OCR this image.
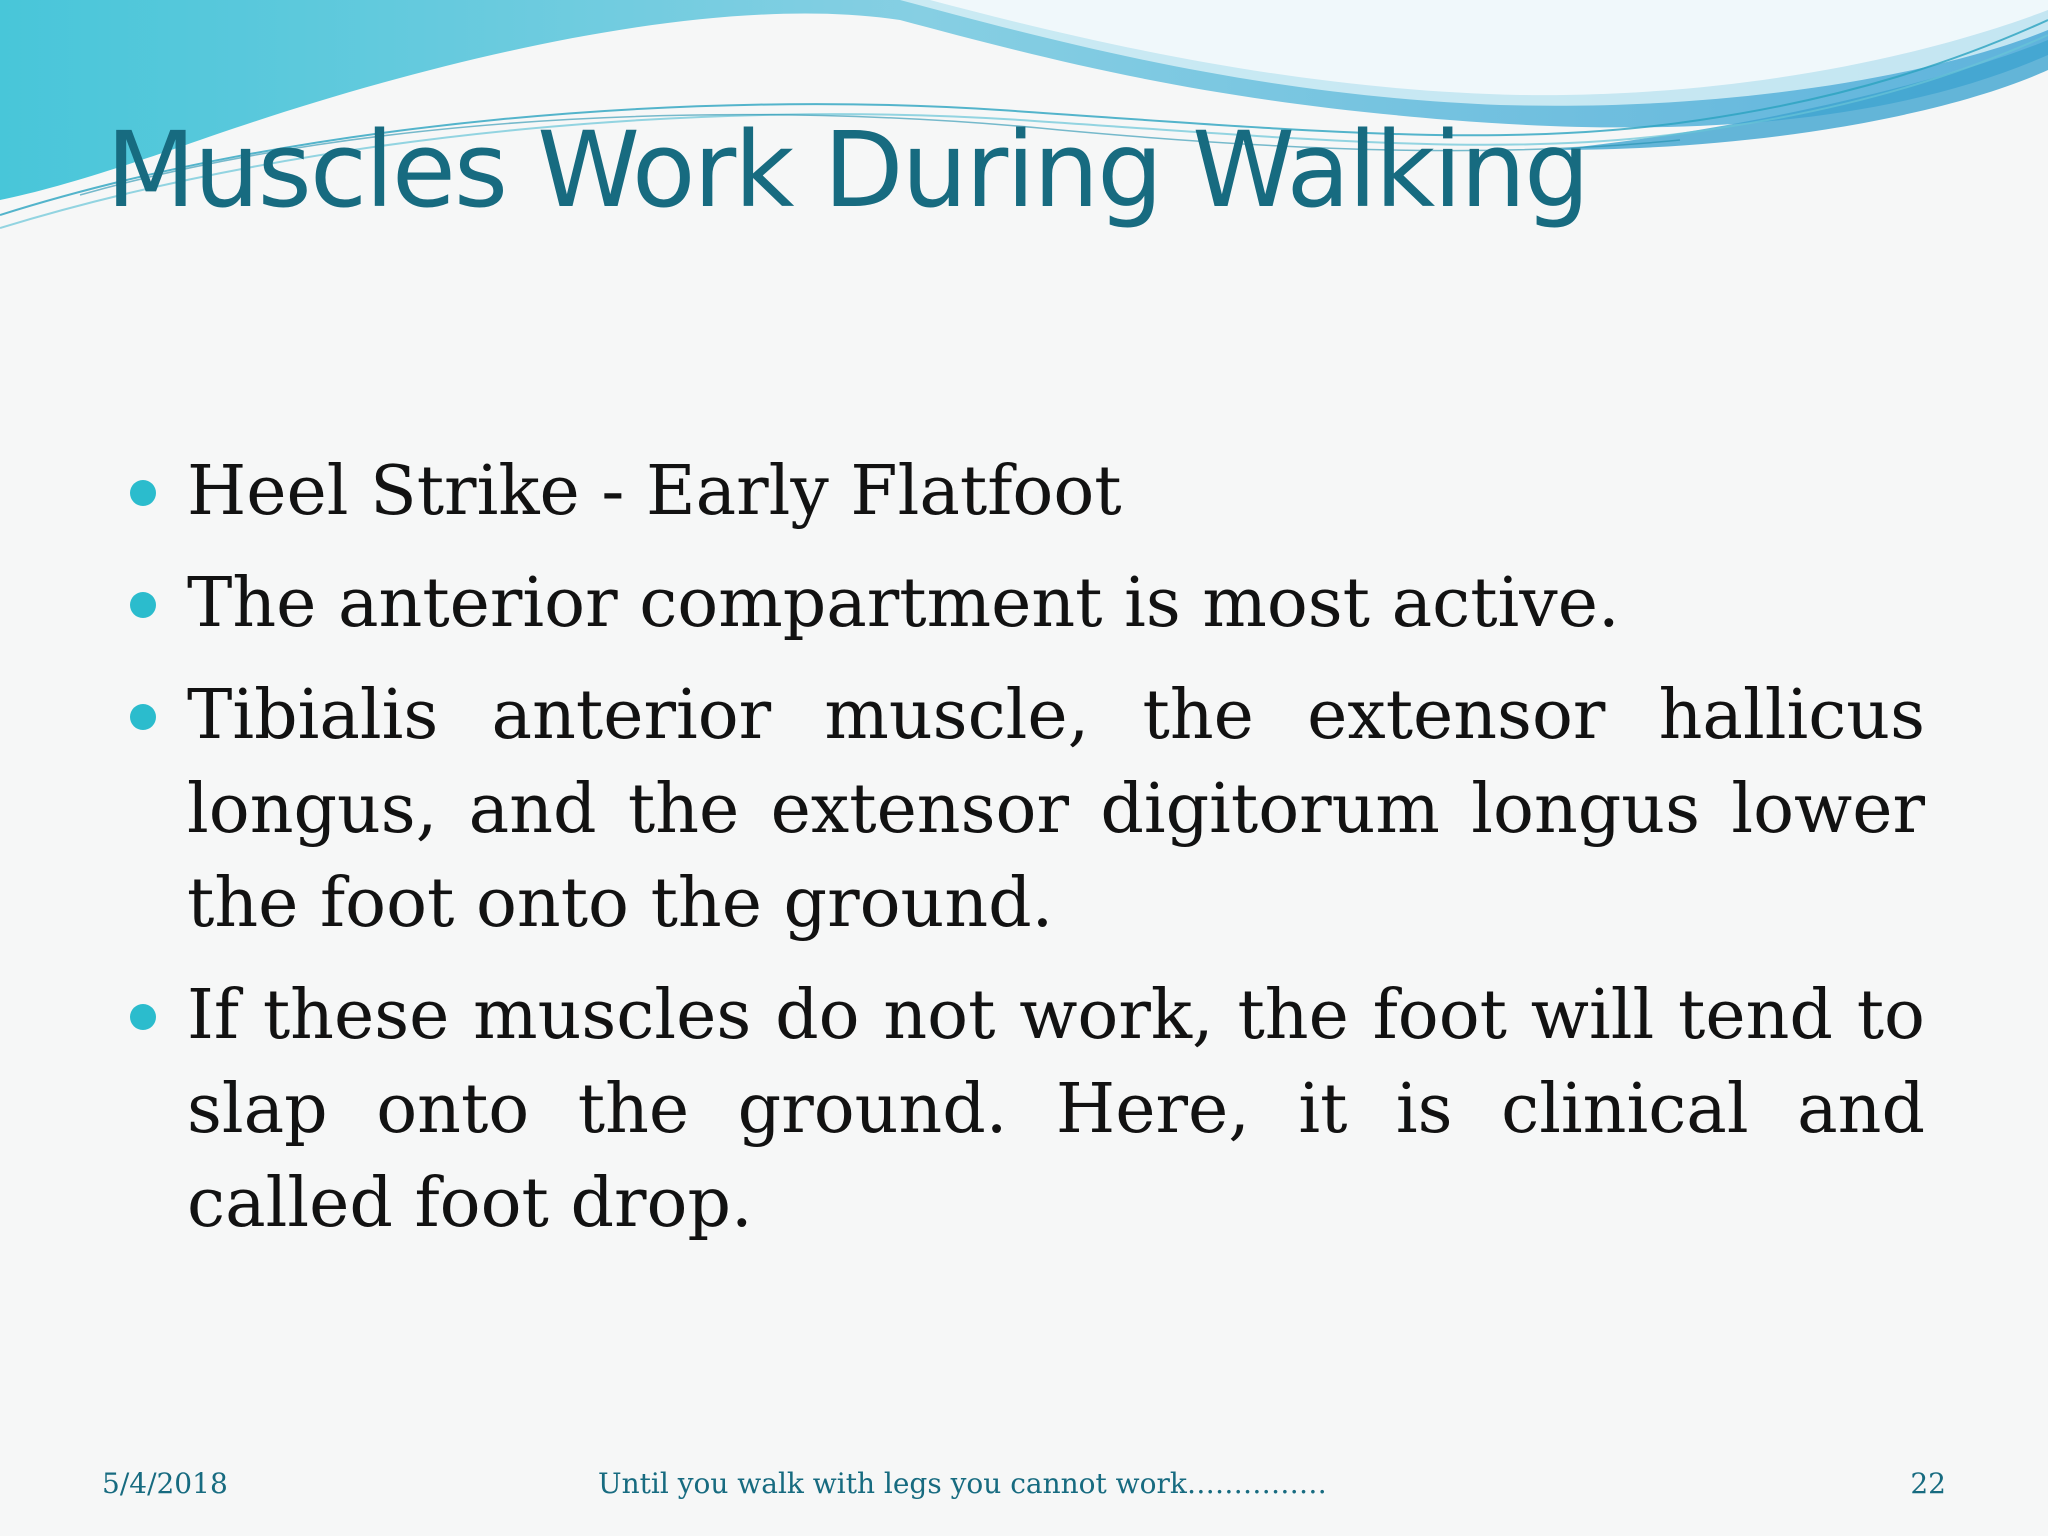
Muscles Work During Walking
Heel Strike - Early Flatfoot
The anterior compartment is most active.
Tibialis anterior muscle, the extensor hallicus longus, and the extensor digitorum longus lower the foot onto the ground.
If these muscles do not work, the foot will tend to slap onto the ground. Here, it is clinical and called foot drop.
5/4/2018	Until you walk with legs you cannot work……………	22
